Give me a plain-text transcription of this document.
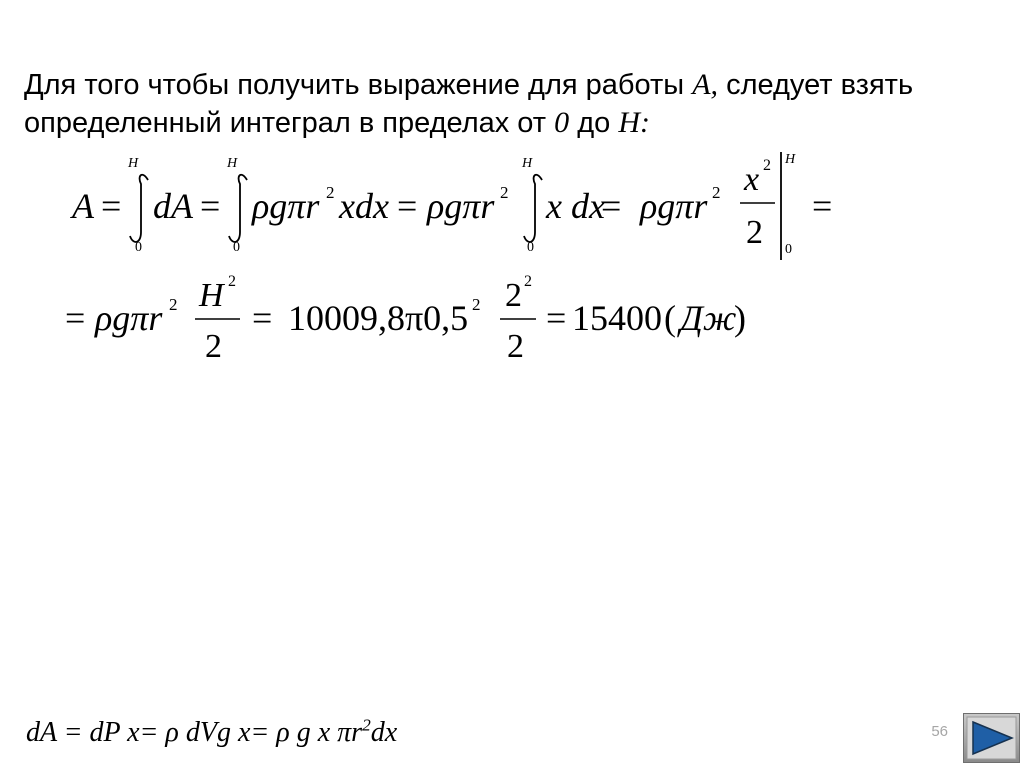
Для того чтобы получить выражение для работы A, следует взять определенный интеграл в пределах от 0 до H:

A =
H
0
dA =
H
0
ρgπr 2 xdx = ρgπr 2
H
0
x dx
= ρgπr 2 x 2
2
H
0
=
= ρgπr 2 H 2
2
= 10009,8π0,5 2 2 2
2
= 15400 ( Дж
)

dA = dP x= ρ dVg x= ρ g x $\pi r^2dx$	56
